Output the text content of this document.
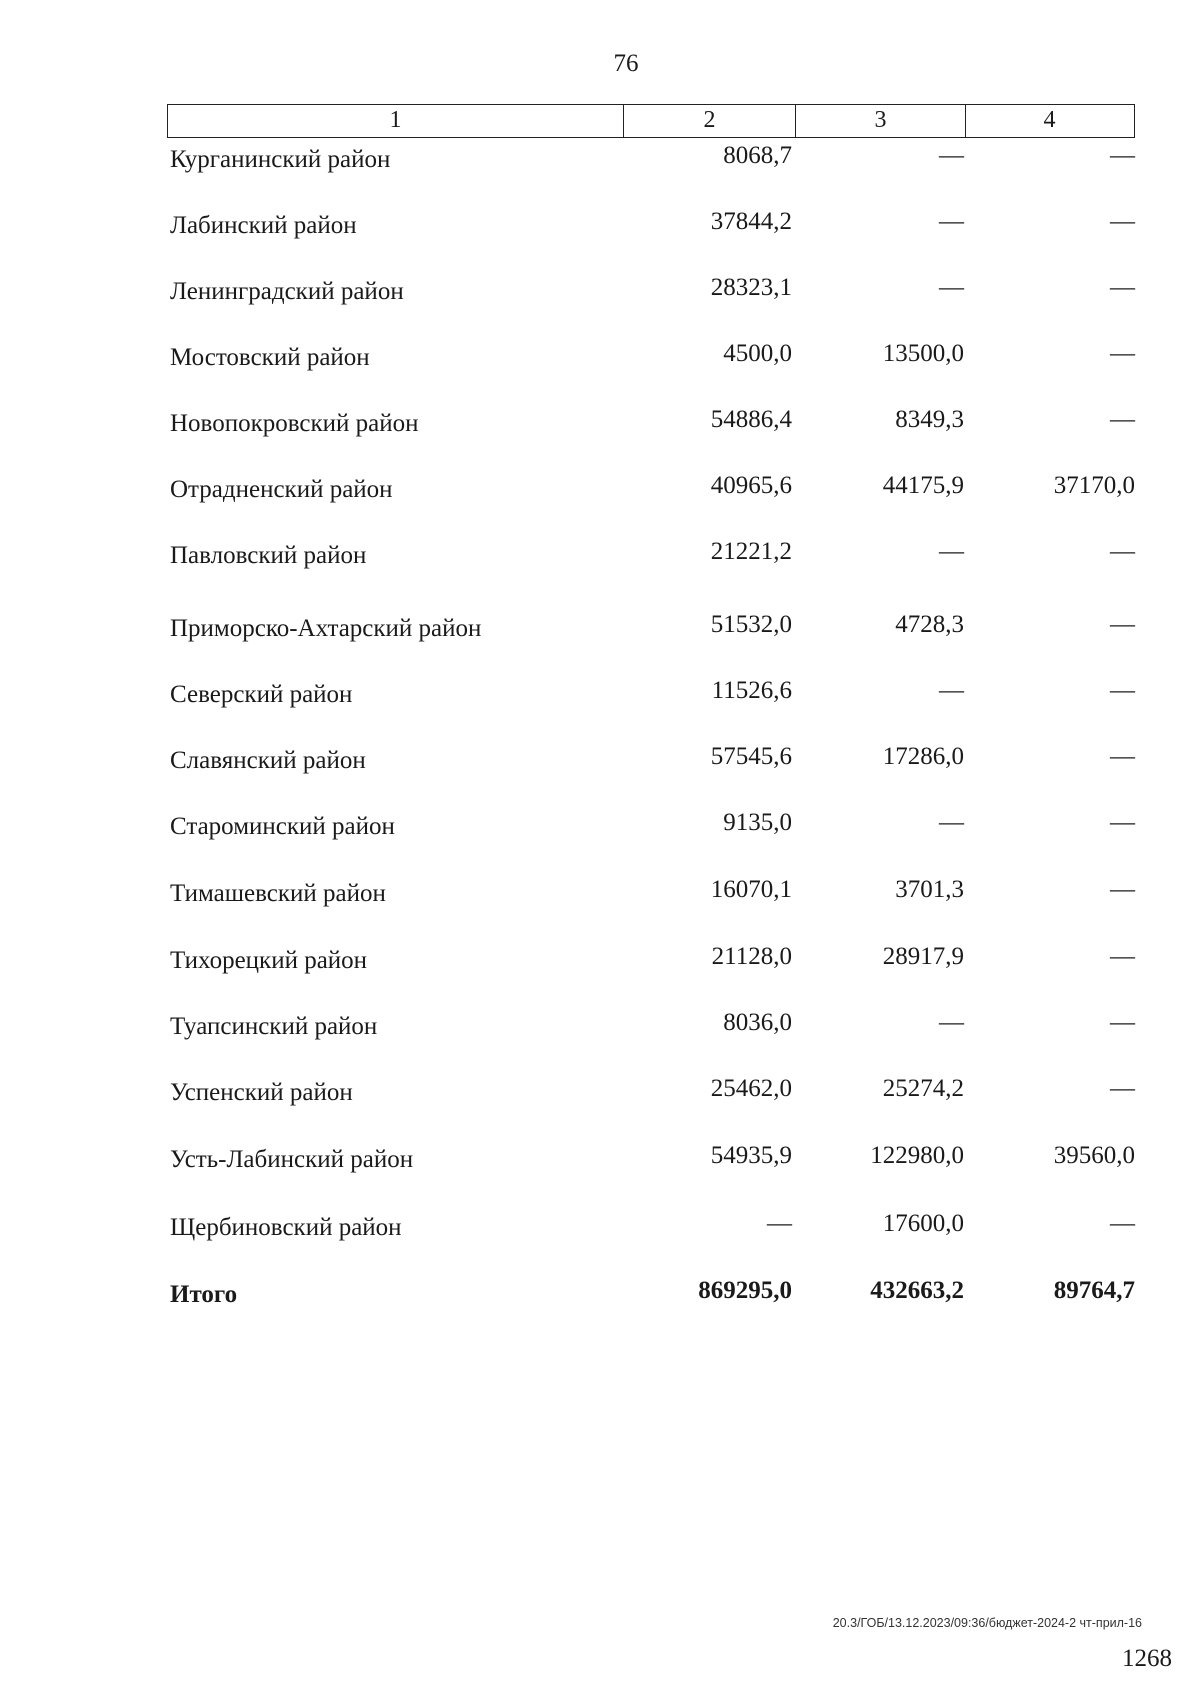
76
1	2	3	4
Курганинский район	8068,7	—	—
Лабинский район	37844,2	—	—
Ленинградский район	28323,1	—	—
Мостовский район	4500,0	13500,0	—
Новопокровский район	54886,4	8349,3	—
Отрадненский район	40965,6	44175,9	37170,0
Павловский район	21221,2	—	—
Приморско-Ахтарский район	51532,0	4728,3	—
Северский район	11526,6	—	—
Славянский район	57545,6	17286,0	—
Староминский район	9135,0	—	—
Тимашевский район	16070,1	3701,3	—
Тихорецкий район	21128,0	28917,9	—
Туапсинский район	8036,0	—	—
Успенский район	25462,0	25274,2	—
Усть-Лабинский район	54935,9	122980,0	39560,0
Щербиновский район	—	17600,0	—
Итого	869295,0	432663,2	89764,7
20.3/ГОБ/13.12.2023/09:36/бюджет-2024-2 чт-прил-16
1268
